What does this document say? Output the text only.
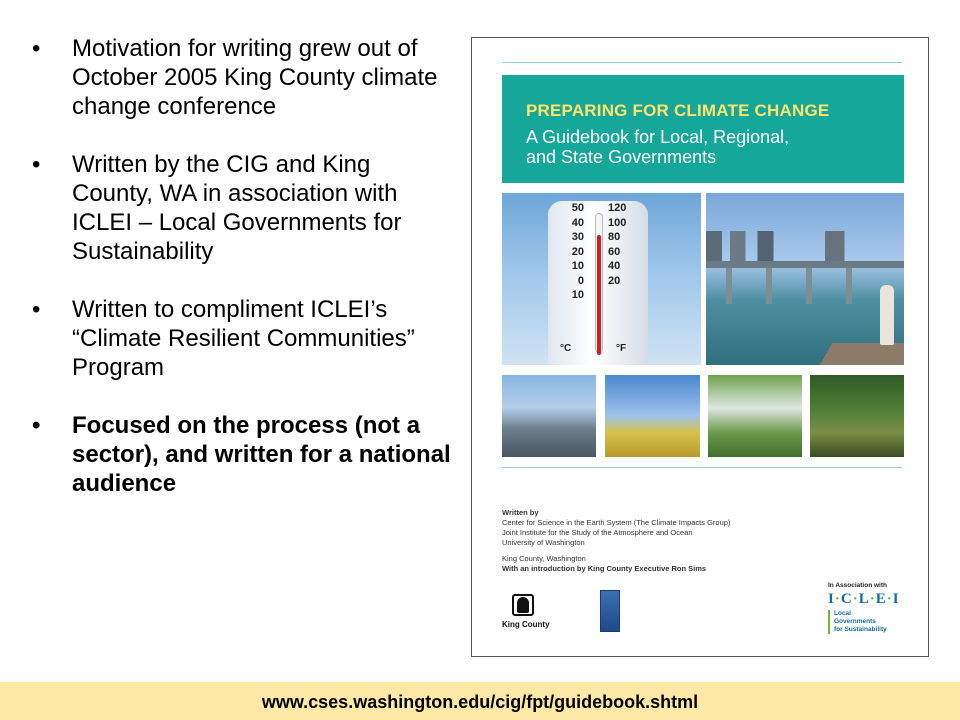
• Motivation for writing grew out of October 2005 King County climate change conference
• Written by the CIG and King County, WA in association with ICLEI – Local Governments for Sustainability
• Written to compliment ICLEI’s “Climate Resilient Communities” Program
• Focused on the process (not a sector), and written for a national audience
PREPARING FOR CLIMATE CHANGE
A Guidebook for Local, Regional,
and State Governments
50
40
30
20
10
0
10
120
100
80
60
40
20
°C	°F
Written by
Center for Science in the Earth System (The Climate Impacts Group)
Joint Institute for the Study of the Atmosphere and Ocean
University of Washington
King County, Washington
With an introduction by King County Executive Ron Sims
King County
In Association with
I·C·L·E·I
Local
Governments
for Sustainability
www.cses.washington.edu/cig/fpt/guidebook.shtml
